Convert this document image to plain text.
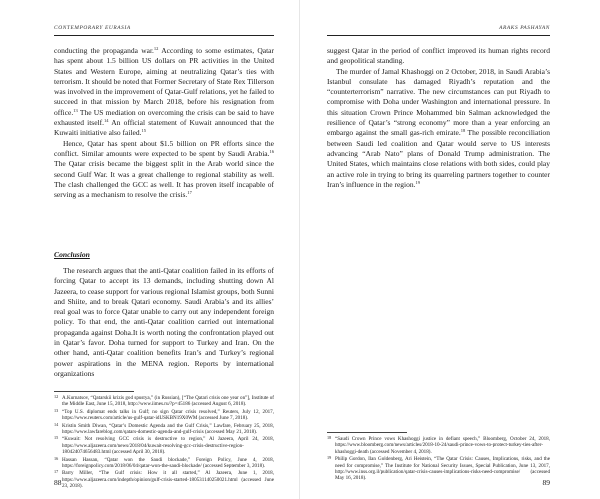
CONTEMPORARY EURASIA

conducting the propaganda war.$^{12}$ According to some estimates, Qatar has spent about 1.5 billion US dollars on PR activities in the United States and Western Europe, aiming at neutralizing Qatar’s ties with terrorism. It should be noted that Former Secretary of State Rex Tillerson was involved in the improvement of Qatar-Gulf relations, yet he failed to succeed in that mission by March 2018, before his resignation from office.$^{13}$ The US mediation on overcoming the crisis can be said to have exhausted itself.$^{14}$ An official statement of Kuwait announced that the Kuwaiti initiative also failed.$^{15}$

Hence, Qatar has spent about $1.5 billion on PR efforts since the conflict. Similar amounts were expected to be spent by Saudi Arabia.$^{16}$ The Qatar crisis became the biggest split in the Arab world since the second Gulf War. It was a great challenge to regional stability as well. The clash challenged the GCC as well. It has proven itself incapable of serving as a mechanism to resolve the crisis.$^{17}$

Conclusion

The research argues that the anti-Qatar coalition failed in its efforts of forcing Qatar to accept its 13 demands, including shutting down Al Jazeera, to cease support for various regional Islamist groups, both Sunni and Shiite, and to break Qatari economy. Saudi Arabia’s and its allies’ real goal was to force Qatar unable to carry out any independent foreign policy. To that end, the anti-Qatar coalition carried out international propaganda against Doha.It is worth noting the confrontation played out in Qatar’s favor. Doha turned for support to Turkey and Iran. On the other hand, anti-Qatar coalition benefits Iran’s and Turkey’s regional power aspirations in the MENA region. Reports by international organizations

12 A.Kurnatsov, “Qatarskii krizis god spustya,” (in Russian), [“The Qatari crisis one year on”], Institute of the Middle East, June 15, 2018, http://www.iimes.ru/?p=45186 (accessed August 6, 2018).

13 “Top U.S. diplomat ends talks in Gulf; no sign Qatar crisis resolved,” Reuters, July 12, 2017, https://www.reuters.com/article/us-gulf-qatar-idUSKBN19X0WM (accessed June 7, 2018).

14 Kristin Smith Diwan, “Qatar’s Domestic Agenda and the Gulf Crisis,” Lawfare, February 25, 2018, https://www.lawfareblog.com/qatars-domestic-agenda-and-gulf-crisis (accessed May 21, 2018).

15 “Kuwait: Not resolving GCC crisis is destructive to region,” Al Jazeera, April 24, 2018, https://www.aljazeera.com/news/2018/04/kuwait-resolving-gcc-crisis-destructive-region-180424074656483.html (accessed April 30, 2018).

16 Hassan Hassan, “Qatar won the Saudi blockade,” Foreign Policy, June 4, 2018, https://foreignpolicy.com/2018/06/04/qatar-won-the-saudi-blockade/ (accessed September 3, 2018).

17 Barry Miller, “The Gulf crisis: How it all started,” Al Jazeera, June 1, 2018, https://www.aljazeera.com/indepth/opinion/gulf-crisis-started-180531140250021.html (accessed June 23, 2018).

88
ARAKS PASHAYAN

suggest Qatar in the period of conflict improved its human rights record and geopolitical standing.

The murder of Jamal Khashoggi on 2 October, 2018, in Saudi Arabia’s Istanbul consulate has damaged Riyadh’s reputation and the “counterterrorism” narrative. The new circumstances can put Riyadh to compromise with Doha under Washington and international pressure. In this situation Crown Prince Mohammed bin Salman acknowledged the resilience of Qatar’s “strong economy” more than a year enforcing an embargo against the small gas-rich emirate.$^{18}$ The possible reconciliation between Saudi led coalition and Qatar would serve to US interests advancing “Arab Nato” plans of Donald Trump administration. The United States, which maintains close relations with both sides, could play an active role in trying to bring its quarreling partners together to counter Iran’s influence in the region.$^{19}$

18 “Saudi Crown Prince vows Khashoggi justice in defiant speech,” Bloomberg, October 24, 2018, https://www.bloomberg.com/news/articles/2018-10-24/saudi-prince-vows-to-protect-turkey-ties-after-khashoggi-death (accessed November 4, 2018).

19 Philip Gordon, Ilan Goldenberg, Ari Heistein, “The Qatar Crisis: Causes, Implications, risks, and the need for compromise,” The Institute for National Security Issues, Special Publication, June 13, 2017, http://www.inss.org.il/publication/qatar-crisis-causes-implications-risks-need-compromise/ (accessed May 16, 2018).	89
